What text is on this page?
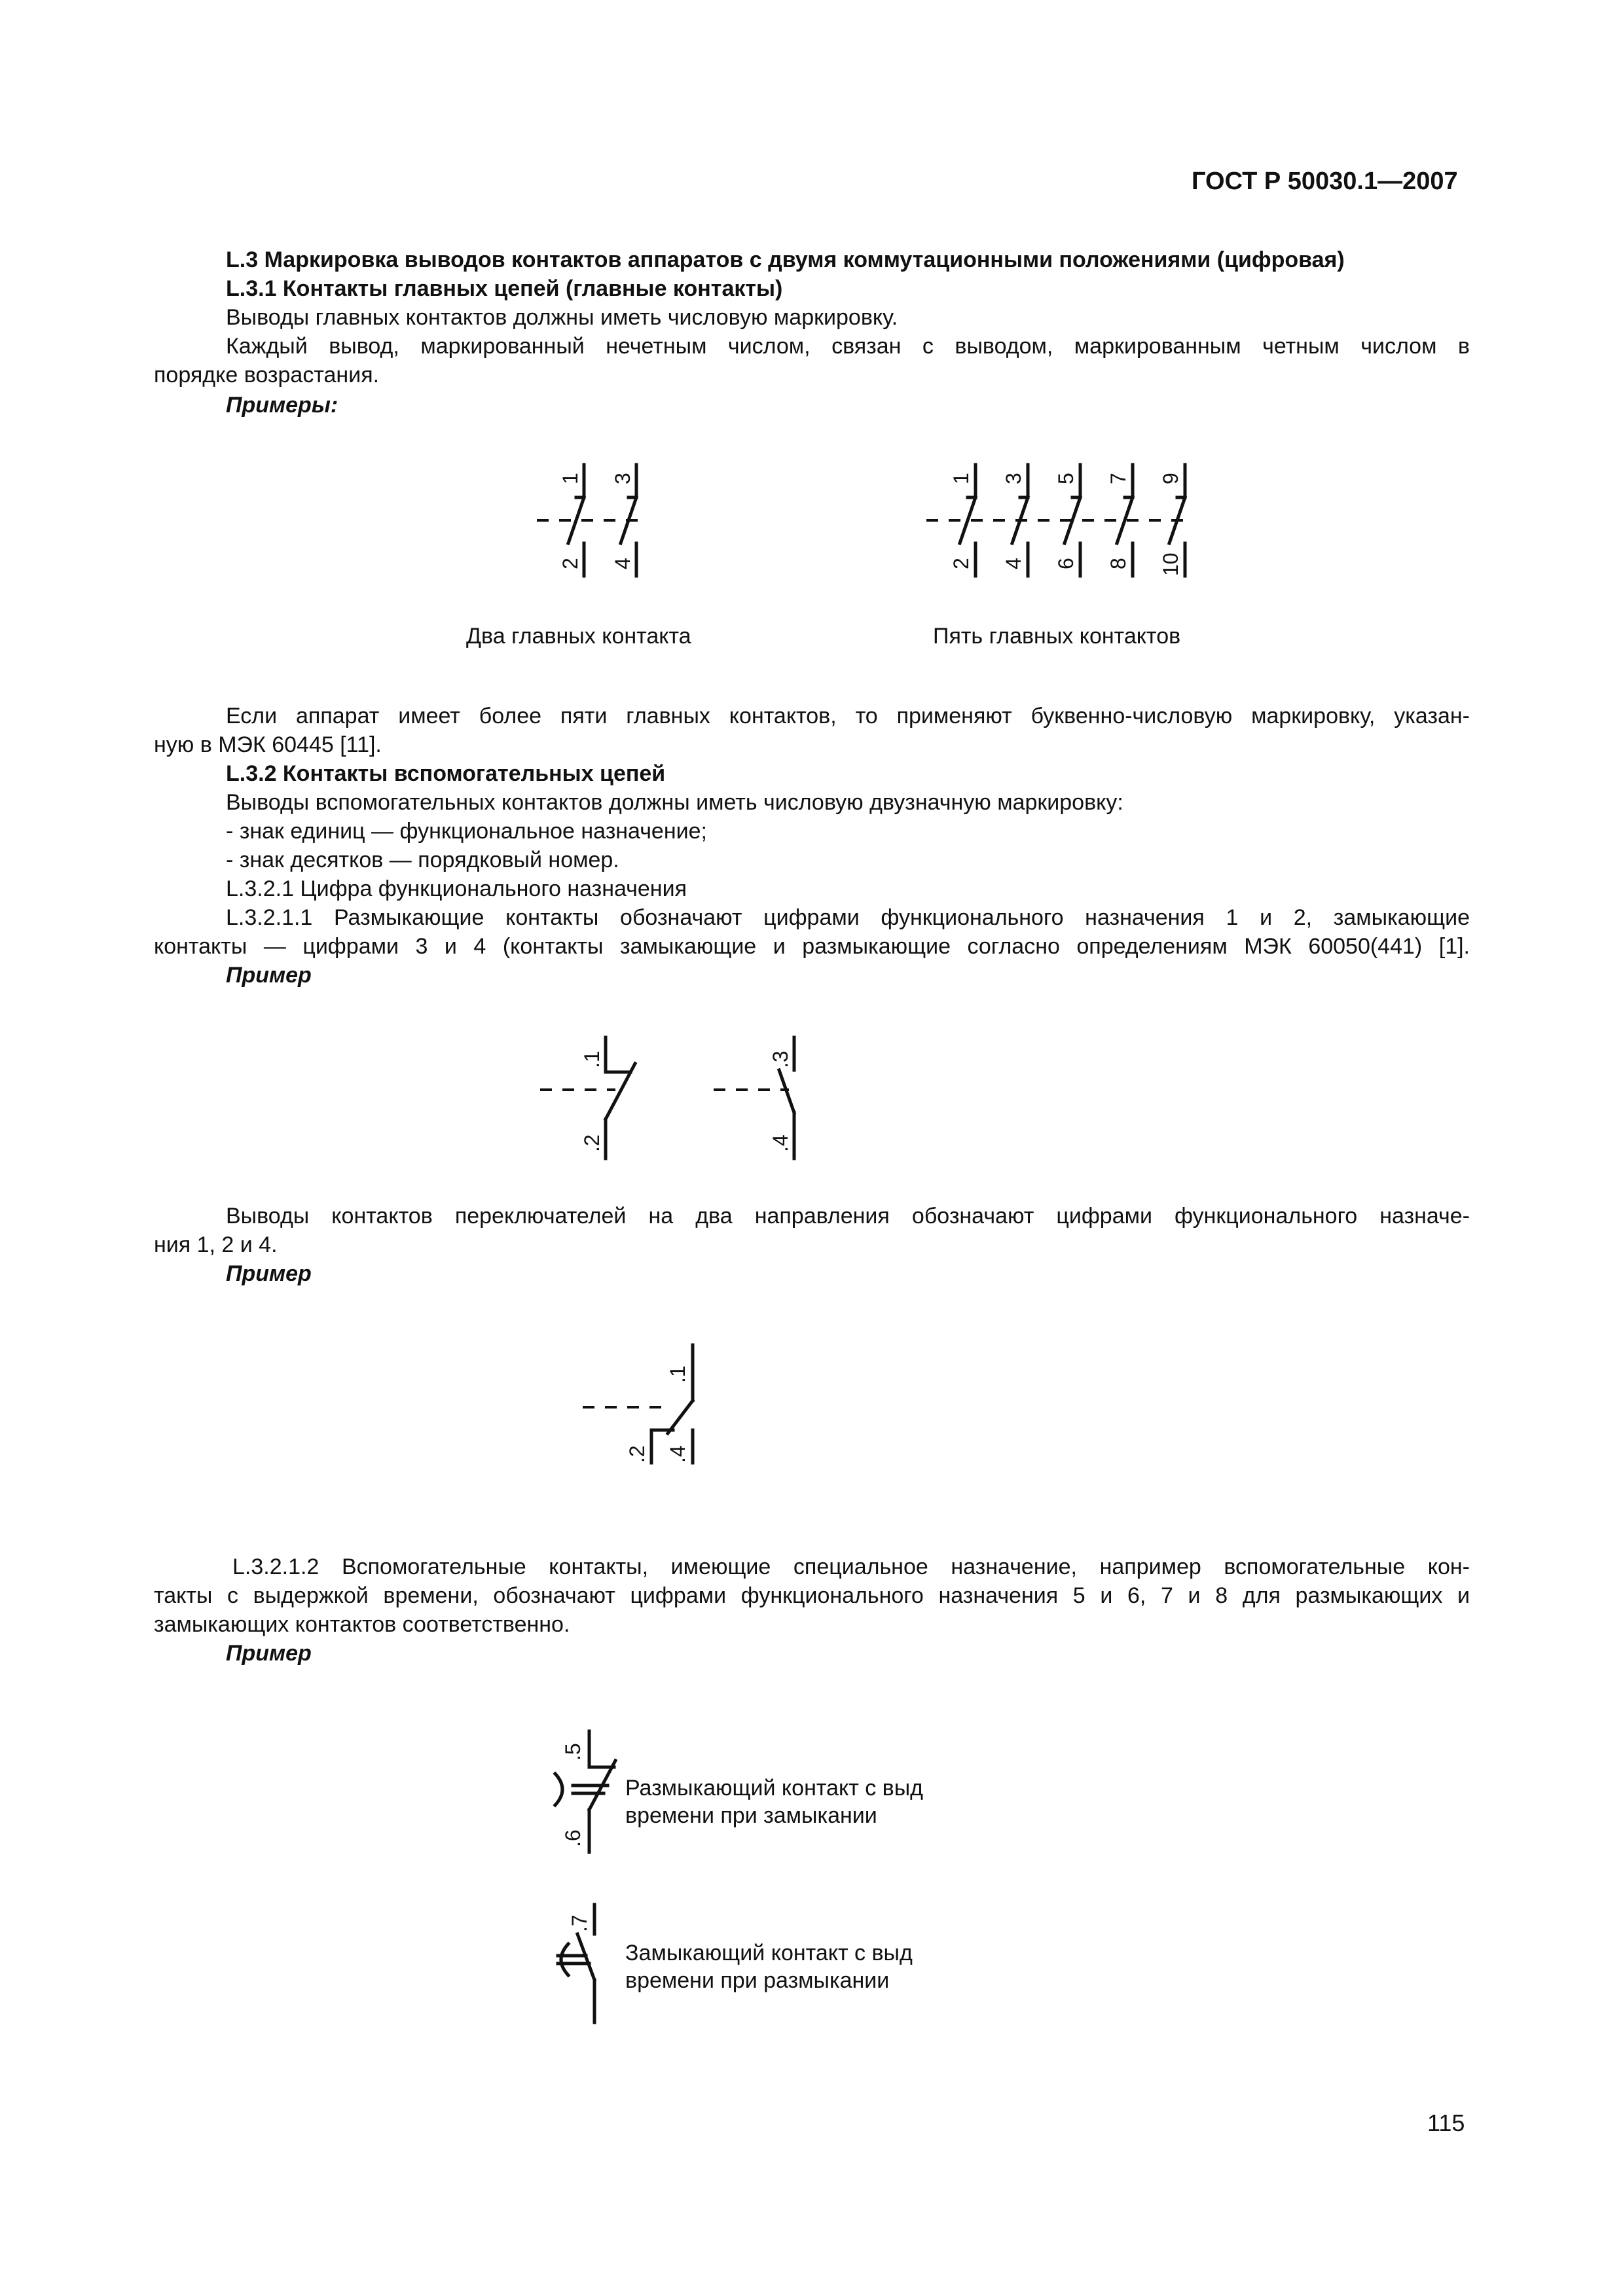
ГОСТ Р 50030.1—2007
L.3 Маркировка выводов контактов аппаратов с двумя коммутационными положениями (цифровая)
L.3.1 Контакты главных цепей (главные контакты)
Выводы главных контактов должны иметь числовую маркировку.
Каждый вывод, маркированный нечетным числом, связан с выводом, маркированным четным числом в
порядке возрастания.
Примеры:
1 3
2 4
Два главных контакта
1 3 5 7 9
2 4 6 8 10
Пять главных контактов
Если аппарат имеет более пяти главных контактов, то применяют буквенно-числовую маркировку, указан-
ную в МЭК 60445 [11].
L.3.2 Контакты вспомогательных цепей
Выводы вспомогательных контактов должны иметь числовую двузначную маркировку:
- знак единиц — функциональное назначение;
- знак десятков — порядковый номер.
L.3.2.1 Цифра функционального назначения
L.3.2.1.1 Размыкающие контакты обозначают цифрами функционального назначения 1 и 2, замыкающие
контакты — цифрами 3 и 4 (контакты замыкающие и размыкающие согласно определениям МЭК 60050(441) [1].
Пример
.1
.2
.3
.4
Выводы контактов переключателей на два направления обозначают цифрами функционального назначе-
ния 1, 2 и 4.
Пример
.1
.2 .4
L.3.2.1.2 Вспомогательные контакты, имеющие специальное назначение, например вспомогательные кон-
такты с выдержкой времени, обозначают цифрами функционального назначения 5 и 6, 7 и 8 для размыкающих и
замыкающих контактов соответственно.
Пример
.5
.6
Размыкающий контакт с выд
времени при замыкании
.7
Замыкающий контакт с выд
времени при размыкании
115
